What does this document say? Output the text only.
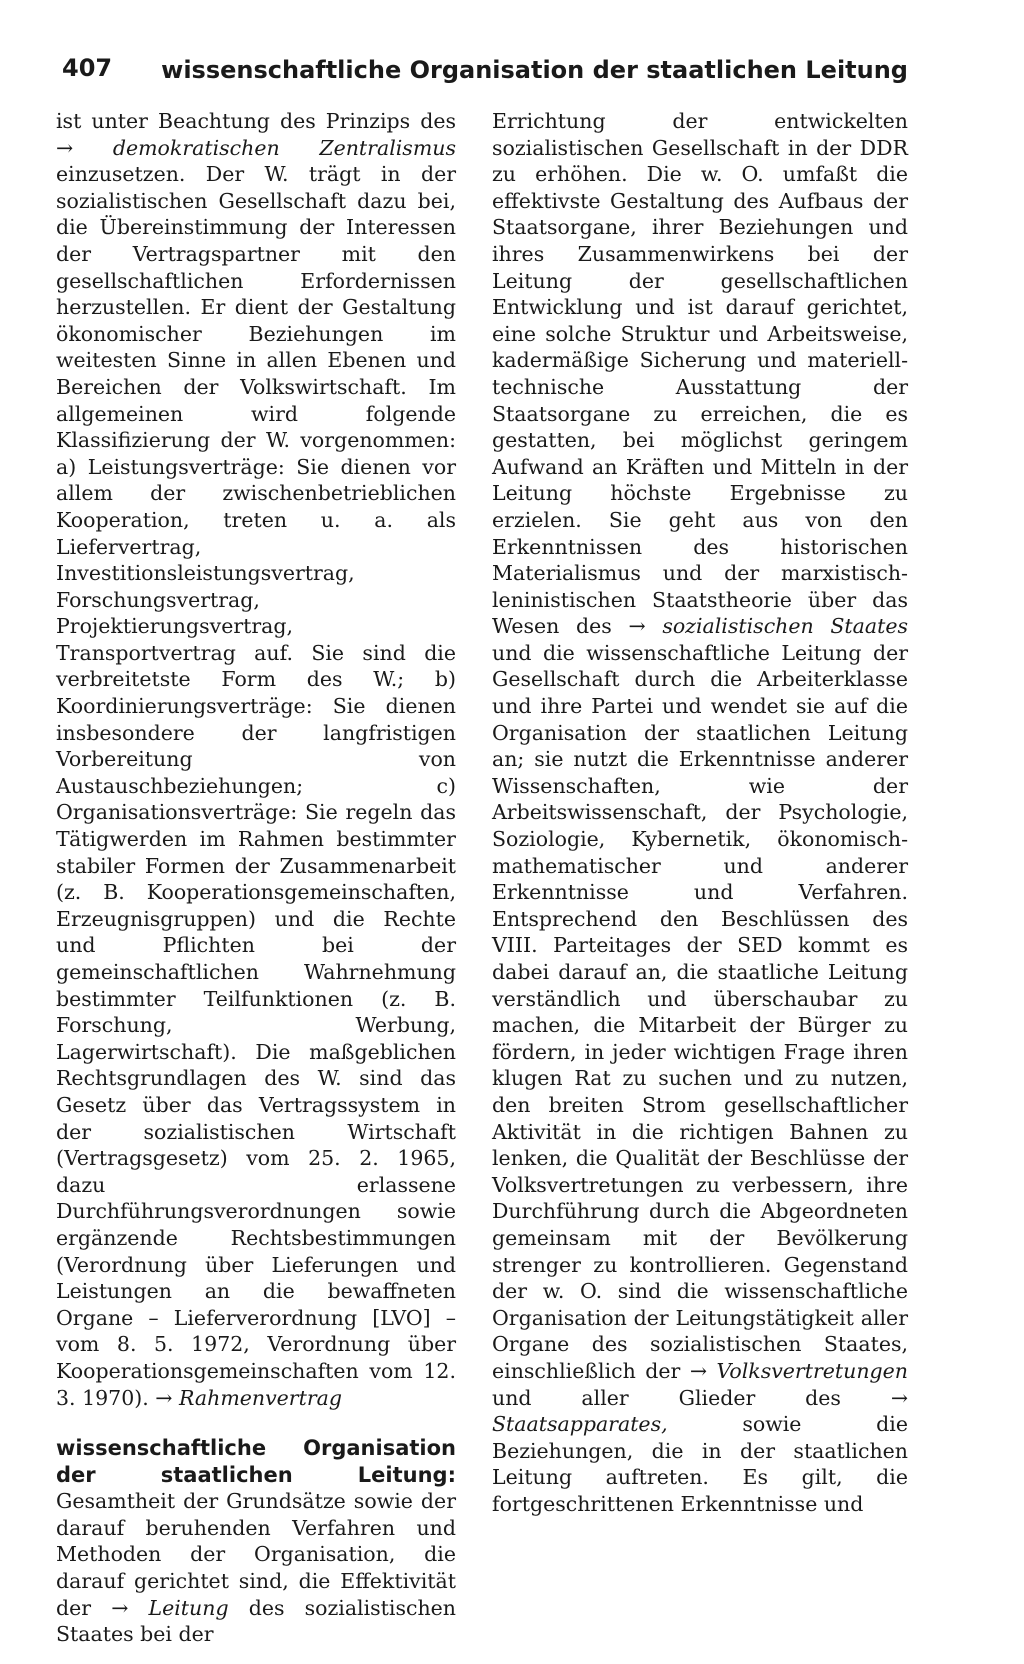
407 wissenschaftliche Organisation der staatlichen Leitung

ist unter Beachtung des Prinzips des → demokratischen Zentralismus einzusetzen. Der W. trägt in der sozialistischen Gesellschaft dazu bei, die Übereinstimmung der Interessen der Vertragspartner mit den gesellschaftlichen Erfordernissen herzustellen. Er dient der Gestaltung ökonomischer Beziehungen im weitesten Sinne in allen Ebenen und Bereichen der Volkswirtschaft. Im allgemeinen wird folgende Klassifizierung der W. vorgenommen: a) Leistungsverträge: Sie dienen vor allem der zwischenbetrieblichen Kooperation, treten u. a. als Liefervertrag, Investitionsleistungsvertrag, Forschungsvertrag, Projektierungsvertrag, Transportvertrag auf. Sie sind die verbreitetste Form des W.; b) Koordinierungsverträge: Sie dienen insbesondere der langfristigen Vorbereitung von Austauschbeziehungen; c) Organisationsverträge: Sie regeln das Tätigwerden im Rahmen bestimmter stabiler Formen der Zusammenarbeit (z. B. Kooperationsgemeinschaften, Erzeugnisgruppen) und die Rechte und Pflichten bei der gemeinschaftlichen Wahrnehmung bestimmter Teilfunktionen (z. B. Forschung, Werbung, Lagerwirtschaft). Die maßgeblichen Rechtsgrundlagen des W. sind das Gesetz über das Vertragssystem in der sozialistischen Wirtschaft (Vertragsgesetz) vom 25. 2. 1965, dazu erlassene Durchführungsverordnungen sowie ergänzende Rechtsbestimmungen (Verordnung über Lieferungen und Leistungen an die bewaffneten Organe – Lieferverordnung [LVO] – vom 8. 5. 1972, Verordnung über Kooperationsgemeinschaften vom 12. 3. 1970). → Rahmenvertrag

wissenschaftliche Organisation der staatlichen Leitung: Gesamtheit der Grundsätze sowie der darauf beruhenden Verfahren und Methoden der Organisation, die darauf gerichtet sind, die Effektivität der → Leitung des sozialistischen Staates bei der

Errichtung der entwickelten sozialistischen Gesellschaft in der DDR zu erhöhen. Die w. O. umfaßt die effektivste Gestaltung des Aufbaus der Staatsorgane, ihrer Beziehungen und ihres Zusammenwirkens bei der Leitung der gesellschaftlichen Entwicklung und ist darauf gerichtet, eine solche Struktur und Arbeitsweise, kadermäßige Sicherung und materiell-technische Ausstattung der Staatsorgane zu erreichen, die es gestatten, bei möglichst geringem Aufwand an Kräften und Mitteln in der Leitung höchste Ergebnisse zu erzielen. Sie geht aus von den Erkenntnissen des historischen Materialismus und der marxistisch-leninistischen Staatstheorie über das Wesen des → sozialistischen Staates und die wissenschaftliche Leitung der Gesellschaft durch die Arbeiterklasse und ihre Partei und wendet sie auf die Organisation der staatlichen Leitung an; sie nutzt die Erkenntnisse anderer Wissenschaften, wie der Arbeitswissenschaft, der Psychologie, Soziologie, Kybernetik, ökonomisch-mathematischer und anderer Erkenntnisse und Verfahren. Entsprechend den Beschlüssen des VIII. Parteitages der SED kommt es dabei darauf an, die staatliche Leitung verständlich und überschaubar zu machen, die Mitarbeit der Bürger zu fördern, in jeder wichtigen Frage ihren klugen Rat zu suchen und zu nutzen, den breiten Strom gesellschaftlicher Aktivität in die richtigen Bahnen zu lenken, die Qualität der Beschlüsse der Volksvertretungen zu verbessern, ihre Durchführung durch die Abgeordneten gemeinsam mit der Bevölkerung strenger zu kontrollieren. Gegenstand der w. O. sind die wissenschaftliche Organisation der Leitungstätigkeit aller Organe des sozialistischen Staates, einschließlich der → Volksvertretungen und aller Glieder des → Staatsapparates, sowie die Beziehungen, die in der staatlichen Leitung auftreten. Es gilt, die fortgeschrittenen Erkenntnisse und
